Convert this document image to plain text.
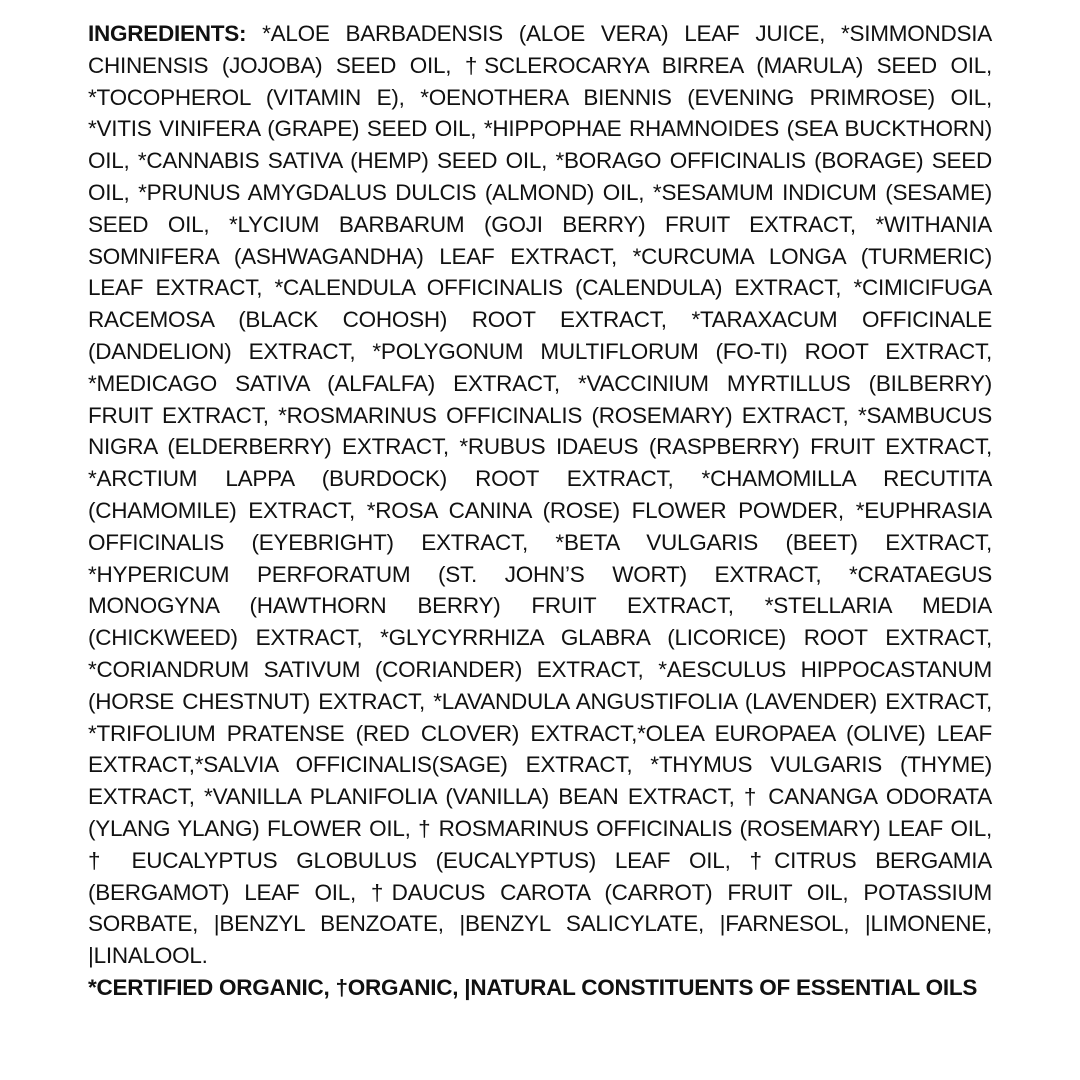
INGREDIENTS: *ALOE BARBADENSIS (ALOE VERA) LEAF JUICE, *SIMMONDSIA CHINENSIS (JOJOBA) SEED OIL, †SCLEROCARYA BIRREA (MARULA) SEED OIL, *TOCOPHEROL (VITAMIN E), *OENOTHERA BIENNIS (EVENING PRIMROSE) OIL, *VITIS VINIFERA (GRAPE) SEED OIL, *HIPPOPHAE RHAMNOIDES (SEA BUCKTHORN) OIL, *CANNABIS SATIVA (HEMP) SEED OIL, *BORAGO OFFICINALIS (BORAGE) SEED OIL, *PRUNUS AMYGDALUS DULCIS (ALMOND) OIL, *SESAMUM INDICUM (SESAME) SEED OIL, *LYCIUM BARBARUM (GOJI BERRY) FRUIT EXTRACT, *WITHANIA SOMNIFERA (ASHWAGANDHA) LEAF EXTRACT, *CURCUMA LONGA (TURMERIC) LEAF EXTRACT, *CALENDULA OFFICINALIS (CALENDULA) EXTRACT, *CIMICIFUGA RACEMOSA (BLACK COHOSH) ROOT EXTRACT, *TARAXACUM OFFICINALE (DANDELION) EXTRACT, *POLYGONUM MULTIFLORUM (FO-TI) ROOT EXTRACT, *MEDICAGO SATIVA (ALFALFA) EXTRACT, *VACCINIUM MYRTILLUS (BILBERRY) FRUIT EXTRACT, *ROSMARINUS OFFICINALIS (ROSEMARY) EXTRACT, *SAMBUCUS NIGRA (ELDERBERRY) EXTRACT, *RUBUS IDAEUS (RASPBERRY) FRUIT EXTRACT, *ARCTIUM LAPPA (BURDOCK) ROOT EXTRACT, *CHAMOMILLA RECUTITA (CHAMOMILE) EXTRACT, *ROSA CANINA (ROSE) FLOWER POWDER, *EUPHRASIA OFFICINALIS (EYEBRIGHT) EXTRACT, *BETA VULGARIS (BEET) EXTRACT, *HYPERICUM PERFORATUM (ST. JOHN’S WORT) EXTRACT, *CRATAEGUS MONOGYNA (HAWTHORN BERRY) FRUIT EXTRACT, *STELLARIA MEDIA (CHICKWEED) EXTRACT, *GLYCYRRHIZA GLABRA (LICORICE) ROOT EXTRACT, *CORIANDRUM SATIVUM (CORIANDER) EXTRACT, *AESCULUS HIPPOCASTANUM (HORSE CHESTNUT) EXTRACT, *LAVANDULA ANGUSTIFOLIA (LAVENDER) EXTRACT, *TRIFOLIUM PRATENSE (RED CLOVER) EXTRACT,*OLEA EUROPAEA (OLIVE) LEAF EXTRACT,*SALVIA OFFICINALIS(SAGE) EXTRACT, *THYMUS VULGARIS (THYME) EXTRACT, *VANILLA PLANIFOLIA (VANILLA) BEAN EXTRACT, † CANANGA ODORATA (YLANG YLANG) FLOWER OIL, † ROSMARINUS OFFICINALIS (ROSEMARY) LEAF OIL, † EUCALYPTUS GLOBULUS (EUCALYPTUS) LEAF OIL, †CITRUS BERGAMIA (BERGAMOT) LEAF OIL, †DAUCUS CAROTA (CARROT) FRUIT OIL, POTASSIUM SORBATE, |BENZYL BENZOATE, |BENZYL SALICYLATE, |FARNESOL, |LIMONENE, |LINALOOL.

*CERTIFIED ORGANIC, †ORGANIC, |NATURAL CONSTITUENTS OF ESSENTIAL OILS
